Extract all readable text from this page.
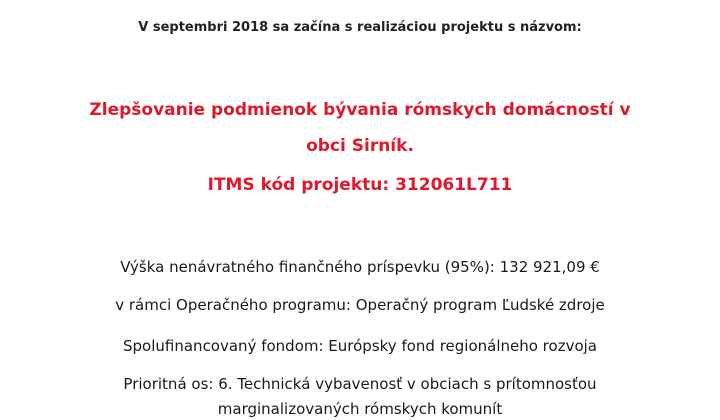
V septembri 2018 sa začína s realizáciou projektu s názvom:

Zlepšovanie podmienok bývania rómskych domácností v

obci Sirník.

ITMS kód projektu: 312061L711

Výška nenávratného finančného príspevku (95%): 132 921,09 €

v rámci Operačného programu: Operačný program Ľudské zdroje

Spolufinancovaný fondom: Európsky fond regionálneho rozvoja

Prioritná os: 6. Technická vybavenosť v obciach s prítomnosťou

marginalizovaných rómskych komunít
